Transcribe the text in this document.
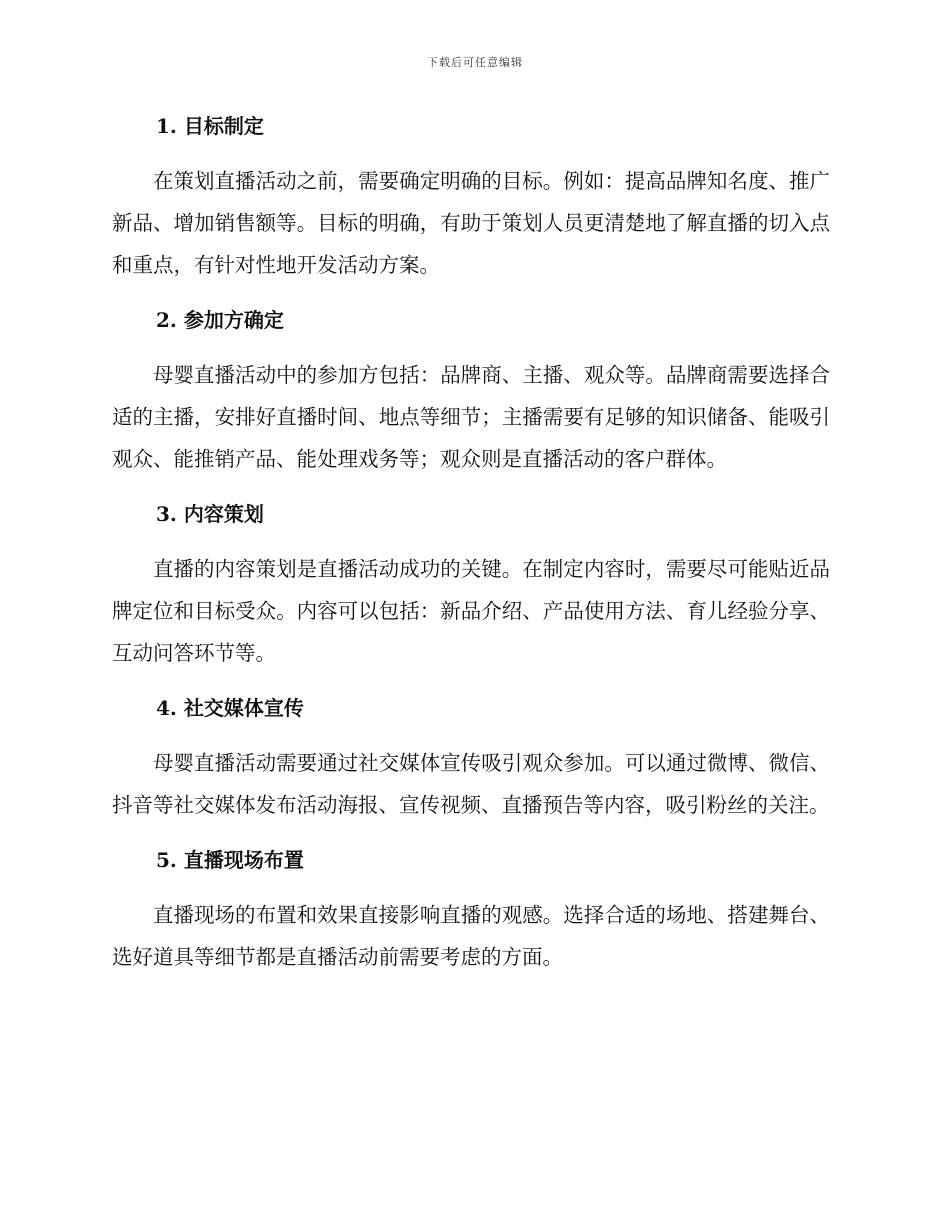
下载后可任意编辑
1. 目标制定

在策划直播活动之前，需要确定明确的目标。例如：提高品牌知名度、推广新品、增加销售额等。目标的明确，有助于策划人员更清楚地了解直播的切入点和重点，有针对性地开发活动方案。

2. 参加方确定

母婴直播活动中的参加方包括：品牌商、主播、观众等。品牌商需要选择合适的主播，安排好直播时间、地点等细节；主播需要有足够的知识储备、能吸引观众、能推销产品、能处理戏务等；观众则是直播活动的客户群体。

3. 内容策划

直播的内容策划是直播活动成功的关键。在制定内容时，需要尽可能贴近品牌定位和目标受众。内容可以包括：新品介绍、产品使用方法、育儿经验分享、互动问答环节等。

4. 社交媒体宣传

母婴直播活动需要通过社交媒体宣传吸引观众参加。可以通过微博、微信、抖音等社交媒体发布活动海报、宣传视频、直播预告等内容，吸引粉丝的关注。

5. 直播现场布置

直播现场的布置和效果直接影响直播的观感。选择合适的场地、搭建舞台、选好道具等细节都是直播活动前需要考虑的方面。
